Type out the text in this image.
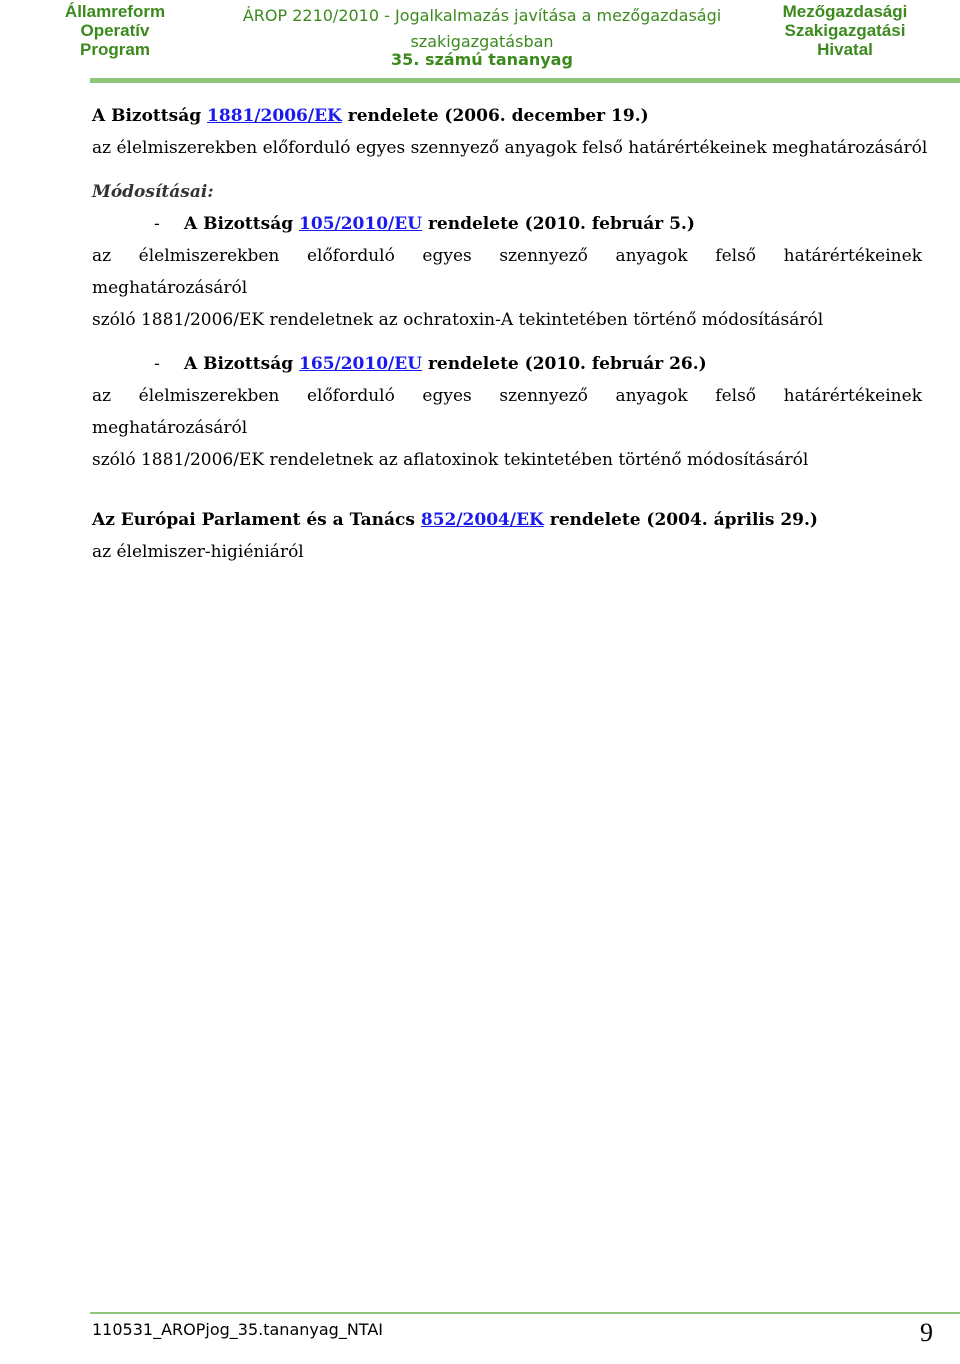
Államreform
Operatív
Program
ÁROP 2210/2010 - Jogalkalmazás javítása a mezőgazdasági
szakigazgatásban
35. számú tananyag
Mezőgazdasági
Szakigazgatási
Hivatal
A Bizottság 1881/2006/EK rendelete (2006. december 19.)
az élelmiszerekben előforduló egyes szennyező anyagok felső határértékeinek meghatározásáról
Módosításai:
- A Bizottság 105/2010/EU rendelete (2010. február 5.)
az élelmiszerekben előforduló egyes szennyező anyagok felső határértékeinek meghatározásáról
szóló 1881/2006/EK rendeletnek az ochratoxin-A tekintetében történő módosításáról
- A Bizottság 165/2010/EU rendelete (2010. február 26.)
az élelmiszerekben előforduló egyes szennyező anyagok felső határértékeinek meghatározásáról
szóló 1881/2006/EK rendeletnek az aflatoxinok tekintetében történő módosításáról
Az Európai Parlament és a Tanács 852/2004/EK rendelete (2004. április 29.)
az élelmiszer-higiéniáról
110531_AROPjog_35.tananyag_NTAI	9
